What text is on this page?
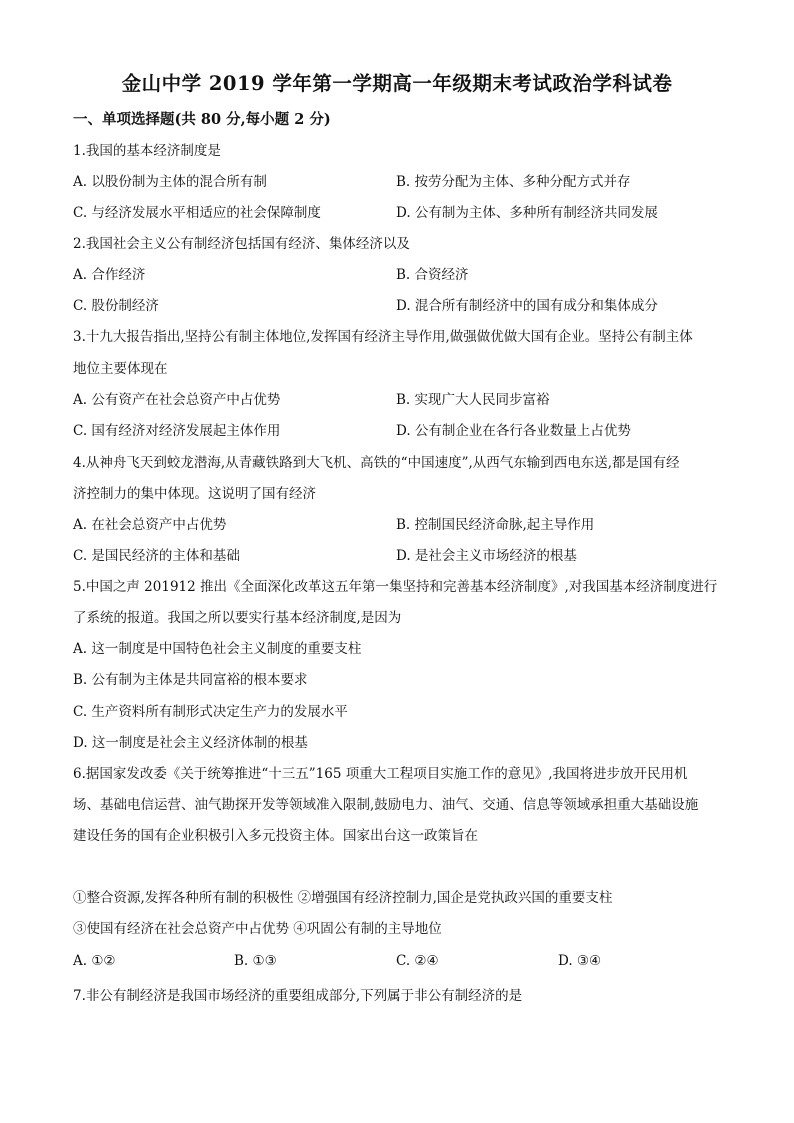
金山中学 2019 学年第一学期高一年级期末考试政治学科试卷
一、单项选择题(共 80 分,每小题 2 分)
1.我国的基本经济制度是
A. 以股份制为主体的混合所有制	B. 按劳分配为主体、多种分配方式并存
C. 与经济发展水平相适应的社会保障制度	D. 公有制为主体、多种所有制经济共同发展
2.我国社会主义公有制经济包括国有经济、集体经济以及
A. 合作经济	B. 合资经济
C. 股份制经济	D. 混合所有制经济中的国有成分和集体成分
3.十九大报告指出,坚持公有制主体地位,发挥国有经济主导作用,做强做优做大国有企业。坚持公有制主体
地位主要体现在
A. 公有资产在社会总资产中占优势	B. 实现广大人民同步富裕
C. 国有经济对经济发展起主体作用	D. 公有制企业在各行各业数量上占优势
4.从神舟飞天到蛟龙潜海,从青藏铁路到大飞机、高铁的“中国速度”,从西气东输到西电东送,都是国有经
济控制力的集中体现。这说明了国有经济
A. 在社会总资产中占优势	B. 控制国民经济命脉,起主导作用
C. 是国民经济的主体和基础	D. 是社会主义市场经济的根基
5.中国之声 201912 推出《全面深化改革这五年第一集坚持和完善基本经济制度》,对我国基本经济制度进行
了系统的报道。我国之所以要实行基本经济制度,是因为
A. 这一制度是中国特色社会主义制度的重要支柱
B. 公有制为主体是共同富裕的根本要求
C. 生产资料所有制形式决定生产力的发展水平
D. 这一制度是社会主义经济体制的根基
6.据国家发改委《关于统筹推进“十三五”165 项重大工程项目实施工作的意见》,我国将进步放开民用机
场、基础电信运营、油气勘探开发等领域准入限制,鼓励电力、油气、交通、信息等领域承担重大基础设施
建设任务的国有企业积极引入多元投资主体。国家出台这一政策旨在
①整合资源,发挥各种所有制的积极性 ②增强国有经济控制力,国企是党执政兴国的重要支柱
③使国有经济在社会总资产中占优势 ④巩固公有制的主导地位
A. ①②	B. ①③	C. ②④	D. ③④
7.非公有制经济是我国市场经济的重要组成部分,下列属于非公有制经济的是
